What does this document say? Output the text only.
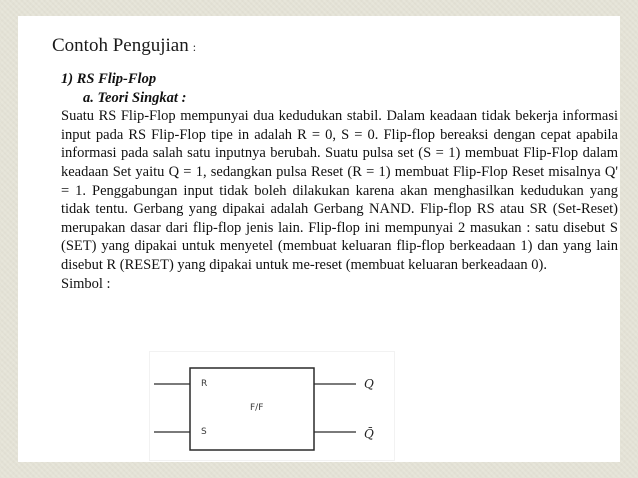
Contoh Pengujian :
1) RS Flip-Flop
a. Teori Singkat :
Suatu RS Flip-Flop mempunyai dua kedudukan stabil. Dalam keadaan tidak bekerja informasi input pada RS Flip-Flop tipe in adalah R = 0, S = 0. Flip-flop bereaksi dengan cepat apabila informasi pada salah satu inputnya berubah. Suatu pulsa set (S = 1) membuat Flip-Flop dalam keadaan Set yaitu Q = 1, sedangkan pulsa Reset (R = 1) membuat Flip-Flop Reset misalnya Q' = 1. Penggabungan input tidak boleh dilakukan karena akan menghasilkan kedudukan yang tidak tentu. Gerbang yang dipakai adalah Gerbang NAND. Flip-flop RS atau SR (Set-Reset) merupakan dasar dari flip-flop jenis lain. Flip-flop ini mempunyai 2 masukan : satu disebut S (SET) yang dipakai untuk menyetel (membuat keluaran flip-flop berkeadaan 1) dan yang lain disebut R (RESET) yang dipakai untuk me-reset (membuat keluaran berkeadaan 0).
Simbol :
R
S
F/F
Q
Q̄
